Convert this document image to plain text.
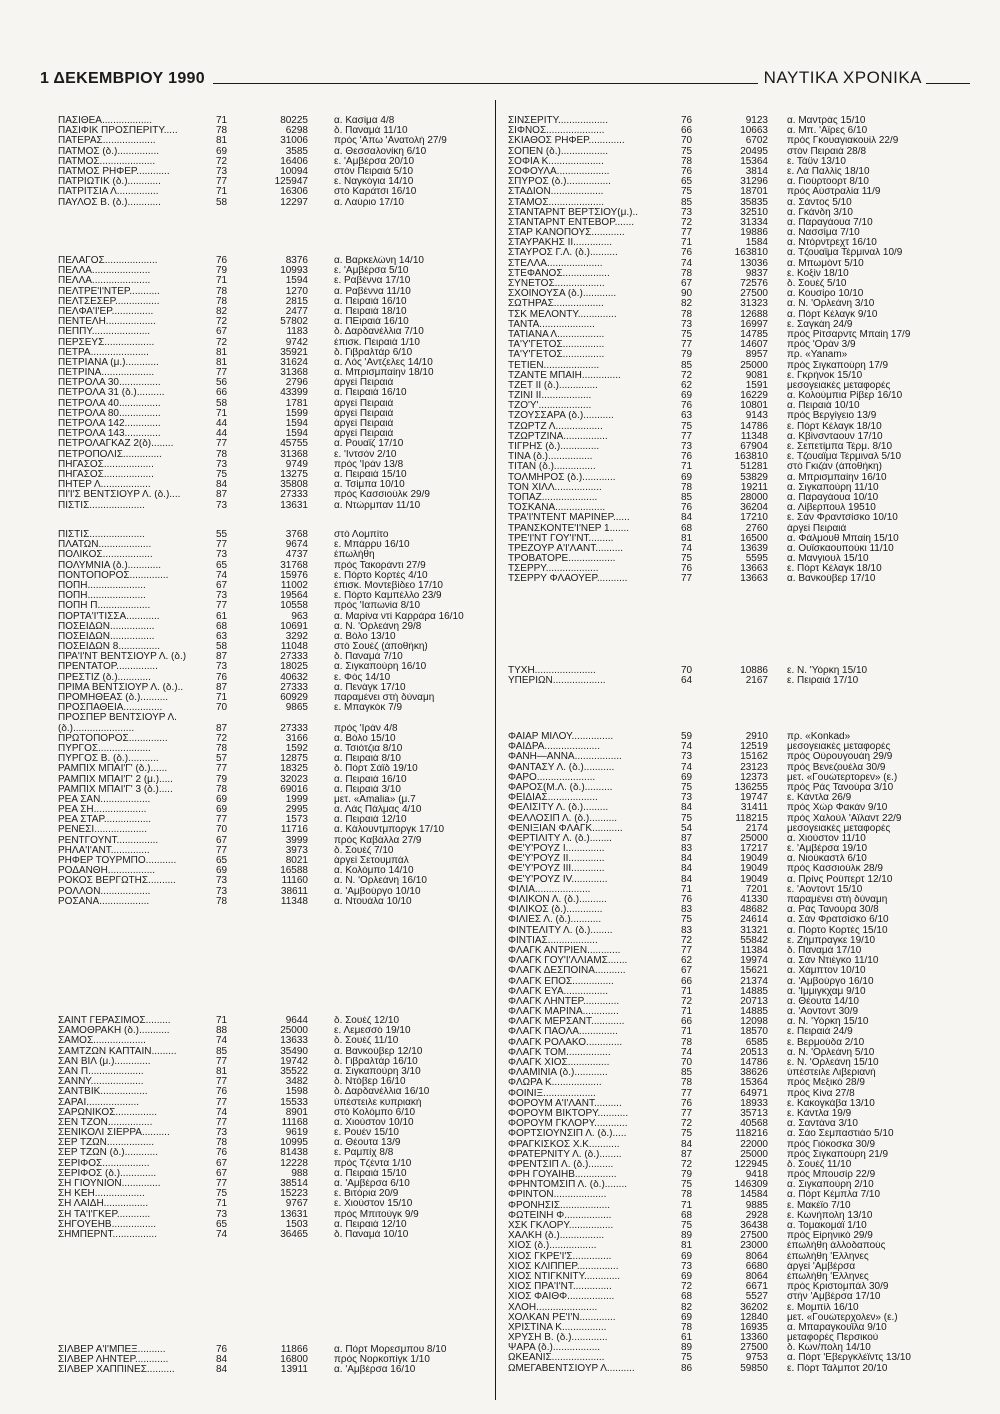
1 ΔΕΚΕΜΒΡΙΟΥ 1990	ΝΑΥΤΙΚΑ ΧΡΟΝΙΚΑ
ΠΑΣΙΘΕΑ..................	71	80225	α. Κασίμα 4/8
ΠΑΣΙΦΙΚ ΠΡΟΣΠΕΡΙΤΥ.....	78	6298	δ. Παναμά 11/10
ΠΑΤΕΡΑΣ...................	81	31006	πρός 'Απω 'Ανατολή 27/9
ΠΑΤΜΟΣ (δ.)...............	69	3585	α. Θεσσαλονίκη 6/10
ΠΑΤΜΟΣ....................	72	16406	ε. 'Αμβέρσα 20/10
ΠΑΤΜΟΣ ΡΗΦΕΡ............	73	10094	στόν Πειραιά 5/10
ΠΑΤΡΙΩΤΙΚ (δ.)............	77	125947	ε. Ναγκόγια 14/10
ΠΑΤΡΙΤΣΙΑ Λ...............	71	16306	στό Καράτσι 16/10
ΠΑΥΛΟΣ Β. (δ.)............	58	12297	α. Λαύριο 17/10
ΠΕΛΑΓΟΣ...................	76	8376	α. Βαρκελώνη 14/10
ΠΕΛΛΑ.....................	79	10993	ε. 'Αμβέρσα 5/10
ΠΕΛΛΑ.....................	71	1594	ε. Ραβέννα 17/10
ΠΕΛΤΡΕ'Ι'ΝΤΕΡ...........	78	1270	α. Ραβέννα 11/10
ΠΕΛΤΣΕΣΕΡ................	78	2815	α. Πειραιά 16/10
ΠΕΛΦΑ'Ι'ΕΡ...............	82	2477	α. Πειραιά 18/10
ΠΕΝΤΕΛΗ..................	72	57802	α. ΠΕιραιά 16/10
ΠΕΠΠΥ.....................	67	1183	δ. Δαρδανέλλια 7/10
ΠΕΡΣΕΥΣ..................	72	9742	έπισκ. Πειραιά 1/10
ΠΕΤΡΑ.....................	81	35921	δ. Γιβραλτάρ 6/10
ΠΕΤΡΙΑΝΑ (μ.)............	81	31624	α. Λός 'Αντζελες 14/10
ΠΕΤΡΙΝΑ...................	77	31368	α. Μπρισμπαίην 18/10
ΠΕΤΡΟΛΑ 30...............	56	2796	άργεί Πειραιά
ΠΕΤΡΟΛΑ 31 (δ.)..........	66	43399	α. Πειραιά 16/10
ΠΕΤΡΟΛΑ 40...............	58	1781	άργεί Πειραιά
ΠΕΤΡΟΛΑ 80...............	71	1599	άργεί Πειραιά
ΠΕΤΡΟΛΑ 142.............	44	1594	άργεί Πειραιά
ΠΕΤΡΟΛΑ 143.............	44	1594	άργεί Πειραιά
ΠΕΤΡΟΛΑΓΚΑΖ 2(δ)........	77	45755	α. Ρουαϊζ 17/10
ΠΕΤΡΟΠΟΛΙΣ..............	78	31368	ε. 'Ιντσόν 2/10
ΠΗΓΑΣΟΣ..................	73	9749	πρός 'Ιράν 13/8
ΠΗΓΑΣΟΣ..................	75	13275	α. Πειραιά 15/10
ΠΗΤΕΡ Λ..................	84	35808	α. Τσίμπα 10/10
ΠΙ'Ι'Σ ΒΕΝΤΣΙΟΥΡ Λ. (δ.)....	87	27333	πρός Κασσιούλκ 29/9
ΠΙΣΤΙΣ....................	73	13631	α. Ντώρμπαν 11/10
ΠΙΣΤΙΣ....................	55	3768	στό Λομπίτο
ΠΛΑΤΩΝ...................	77	9674	ε. Μπάρρυ 16/10
ΠΟΛΙΚΟΣ..................	73	4737	έπωλήθη
ΠΟΛΥΜΝΙΑ (δ.)............	65	31768	πρός Τακοράντι 27/9
ΠΟΝΤΟΠΟΡΟΣ..............	74	15976	ε. Πόρτο Κορτές 4/10
ΠΟΠΗ.....................	67	11002	έπισκ. Μοντεβίδεο 17/10
ΠΟΠΗ.....................	73	19564	ε. Πόρτο Καμπέλλο 23/9
ΠΟΠΗ Π...................	77	10558	πρός 'Ιαπωνία 8/10
ΠΟΡΤΑ'Ι'ΤΙΣΣΑ............	61	963	α. Μαρίνα ντί Καρράρα 16/10
ΠΟΣΕΙΔΩΝ................	68	10691	α. Ν. 'Ορλεάνη 29/8
ΠΟΣΕΙΔΩΝ................	63	3292	α. Βόλο 13/10
ΠΟΣΕΙΔΩΝ 8...............	58	11048	στό Σουέζ (άποθήκη)
ΠΡΑ'Ι'ΝΤ ΒΕΝΤΣΙΟΥΡ Λ. (δ.)	87	27333	δ. Παναμά 7/10
ΠΡΕΝΤΑΤΟΡ...............	73	18025	α. Σιγκαπούρη 16/10
ΠΡΕΣΤΙΖ (δ.)............	76	40632	ε. Φός 14/10
ΠΡΙΜΑ ΒΕΝΤΣΙΟΥΡ Λ. (δ.)..	87	27333	α. Πενάγκ 17/10
ΠΡΟΜΗΘΕΑΣ (δ.)..........	71	60929	παραμένει στή δύναμη
ΠΡΟΣΠΑΘΕΙΑ..............	70	9865	ε. Μπαγκόκ 7/9
ΠΡΟΣΠΕΡ ΒΕΝΤΣΙΟΥΡ Λ.
(δ.)......................	87	27333	πρός 'Ιράν 4/8
ΠΡΩΤΟΠΟΡΟΣ..............	72	3166	α. Βόλο 15/10
ΠΥΡΓΟΣ...................	78	1592	α. Τσιότζια 8/10
ΠΥΡΓΟΣ Β. (δ.)...........	57	12875	α. Πειραιά 8/10
ΡΑΜΠΙΧ ΜΠΑΙ'Γ' (δ.)......	77	18325	δ. Πόρτ Σάϊδ 19/10
ΡΑΜΠΙΧ ΜΠΑΙ'Γ' 2 (μ.).....	79	32023	α. Πειραιά 16/10
ΡΑΜΠΙΧ ΜΠΑΙ'Γ' 3 (δ.).....	78	69016	α. Πειραιά 3/10
ΡΕΑ ΣΑΝ..................	69	1999	μετ. «Amalia» (μ.7
ΡΕΑ ΣΗ...................	69	2995	α. Λάς Πάλμας 4/10
ΡΕΑ ΣΤΑΡ.................	77	1573	α. Πειραιά 12/10
ΡΕΝΕΣΙ...................	70	11716	α. Κάλουντμποργκ 17/10
ΡΕΝΤΓΟΥΝΤ...............	67	3999	πρός Καβάλλα 27/9
ΡΗΛΑ'Ι'ΑΝΤ..............	77	3973	δ. Σουέζ 7/10
ΡΗΦΕΡ ΤΟΥΡΜΠΟ...........	65	8021	άργεί Σετουμπάλ
ΡΟΔΑΝΘΗ.................	69	16588	α. Κολόμπο 14/10
ΡΟΚΟΣ ΒΕΡΓΩΤΗΣ..........	73	11160	α. Ν. 'Ορλεάνη 16/10
ΡΟΛΛΟΝ..................	73	38611	α. 'Αμβούργο 10/10
ΡΟΣΑΝΑ..................	78	11348	α. Ντουάλα 10/10
ΣΑΙΝΤ ΓΕΡΑΣΙΜΟΣ.........	71	9644	δ. Σουέζ 12/10
ΣΑΜΟΘΡΑΚΗ (δ.)...........	88	25000	ε. Λεμεσσό 19/10
ΣΑΜΟΣ...................	74	13633	δ. Σουέζ 11/10
ΣΑΜΤΖΩΝ ΚΑΠΤΑΙΝ.........	85	35490	α. Βανκούβερ 12/10
ΣΑΝ ΒΙΛ (μ.).............	77	19742	δ. Γιβραλτάρ 16/10
ΣΑΝ Π....................	81	35522	α. Σιγκαπούρη 3/10
ΣΑΝΝΥ...................	77	3482	δ. Ντόβερ 16/10
ΣΑΝΤΒΙΚ.................	76	1598	δ. Δαρδανέλλια 16/10
ΣΑΡΑΙ...................	77	15533	ύπέστειλε κυπριακή
ΣΑΡΩΝΙΚΟΣ...............	74	8901	στό Κολόμπο 6/10
ΣΕΝ ΤΖΟΝ................	77	11168	α. Χιούστον 10/10
ΣΕΝΙΚΟΛΙ ΣΙΕΡΡΑ..........	73	9619	ε. Ρουέν 15/10
ΣΕΡ ΤΖΩΝ.................	78	10995	α. Θέουτα 13/9
ΣΕΡ ΤΖΩΝ (δ.)............	76	81438	ε. Ραμπίχ 8/8
ΣΕΡΙΦΟΣ.................	67	12228	πρός Τζέντα 1/10
ΣΕΡΙΦΟΣ (δ.).............	67	988	α. Πειραιά 15/10
ΣΗ ΓΙΟΥΝΙΟΝ..............	77	38514	α. 'Αμβέρσα 6/10
ΣΗ ΚΕΗ..................	75	15223	ε. Βιτόρια 20/9
ΣΗ ΛΑΙΔΗ................	71	9767	ε. Χιούστον 15/10
ΣΗ ΤΑ'Ι'ΓΚΕΡ............	73	13631	πρός Μπιτούγκ 9/9
ΣΗΓΟΥΕΗΒ................	65	1503	α. Πειραιά 12/10
ΣΗΜΠΕΡΝΤ................	74	36465	δ. Παναμά 10/10
ΣΙΛΒΕΡ Α'Ι'ΜΠΕΞ..........	76	11866	α. Πόρτ Μορεσμπου 8/10
ΣΙΛΒΕΡ ΛΗΝΤΕΡ............	84	16800	πρός Νορκοπίγκ 1/10
ΣΙΛΒΕΡ ΧΑΠΠΙΝΕΣ..........	84	13911	α. 'Αμβέρσα 16/10
ΣΙΝΣΕΡΙΤΥ..................	76	9123 α. Μαντράς 15/10
ΣΙΦΝΟΣ.....................	66	10663 α. Μπ. 'Αϊρες 6/10
ΣΚΙΑΘΟΣ ΡΗΦΕΡ.............	70	6702 πρός Γκουαγιακουίλ 22/9
ΣΟΠΕΝ (δ.).................	75	20495 στόν Πειραιά 28/8
ΣΟΦΙΑ Κ....................	78	15364 ε. Τάϋν 13/10
ΣΟΦΟΥΛΑ...................	76	3814 ε. Λά Παλλίς 18/10
ΣΠΥΡΟΣ (δ.)................	65	31296 α. Γιούρτοορτ 8/10
ΣΤΑΔΙΟΝ...................	75	18701 πρός Αύστραλία 11/9
ΣΤΑΜΟΣ....................	85	35835 α. Σάντος 5/10
ΣΤΑΝΤΑΡΝΤ ΒΕΡΤΣΙΟΥ(μ.)..	73	32510 α. Γκάνδη 3/10
ΣΤΑΝΤΑΡΝΤ ΕΝΤΕΒΟΡ.......	72	31334 α. Παραγάουα 7/10
ΣΤΑΡ ΚΑΝΟΠΟΥΣ............	77	19886 α. Νασσίμα 7/10
ΣΤΑΥΡΑΚΗΣ ΙΙ..............	71	1584 α. Ντόρντρεχτ 16/10
ΣΤΑΥΡΟΣ Γ.Λ. (δ.)..........	76	163810 α. Τζουαϊμα Τέρμιναλ 10/9
ΣΤΕΛΛΑ....................	74	13036 α. Μπωμόντ 5/10
ΣΤΕΦΑΝΟΣ.................	78	9837 ε. Κοξίν 18/10
ΣΥΝΕΤΟΣ..................	67	72576 δ. Σουέζ 5/10
ΣΧΟΙΝΟΥΣΑ (δ.)............	90	27500 α. Κουσίρο 10/10
ΣΩΤΗΡΑΣ..................	82	31323 α. Ν. 'Ορλεάνη 3/10
ΤΣΚ ΜΕΛΟΝΤΥ..............	78	12688 α. Πόρτ Κέλαγκ 9/10
ΤΑΝΤΑ....................	73	16997 ε. Σαγκάη 24/9
ΤΑΤΙΑΝΑ Λ.................	75	14785 πρός Ρίτσαρντς Μπαίη 17/9
ΤΑ'Υ'ΓΕΤΟΣ...............	77	14607 πρός 'Οράν 3/9
ΤΑ'Υ'ΓΕΤΟΣ...............	79	8957 πρ. «Yanam»
ΤΕΤΙΕΝ....................	85	25000 πρός Σιγκαπούρη 17/9
ΤΖΑΝΤΕ ΜΠΑΙΗ..............	72	9081 ε. Γκρήνοκ 15/10
ΤΖΕΤ ΙΙ (δ.)..............	62	1591 μεσογειακές μεταφορές
ΤΖΙΝΙ ΙΙ..................	69	16229 α. Κολούμπια Ρίβερ 16/10
ΤΖΟ'Υ'...................	76	10801 α. Πειραιά 10/10
ΤΖΟΥΣΣΑΡΑ (δ.)...........	63	9143 πρός Βεργίγειο 13/9
ΤΖΩΡΤΖ Λ.................	75	14786 ε. Πόρτ Κέλαγκ 18/10
ΤΖΩΡΤΖΙΝΑ................	77	11348 α. Κβίνσνταουν 17/10
ΤΙΓΡΗΣ (δ.)..............	73	67904 ε. Σεπετίμπα Τέρμ. 8/10
ΤΙΝΑ (δ.)................	76	163810 ε. Τζουαϊμα Τέρμιναλ 5/10
ΤΙΤΑΝ (δ.)...............	71	51281 στό Γκιζάν (άποθήκη)
ΤΟΛΜΗΡΟΣ (δ.)............	69	53829 α. Μπρισμπαίην 16/10
ΤΟΝ ΧΙΛΛ.................	78	19211 α. Σιγκαπούρη 11/10
ΤΟΠΑΖ....................	85	28000 α. Παραγάουα 10/10
ΤΟΣΚΑΝΑ..................	76	36204 α. Λίβερπουλ 19510
ΤΡΑ'Ι'ΝΤΕΝΤ ΜΑΡΙΝΕΡ......	84	17210 ε. Σάν Φραντσίσκο 10/10
ΤΡΑΝΣΚΟΝΤΕ'Ι'ΝΕΡ 1.......	68	2760 άργεί Πειραιά
ΤΡΕ'Ι'ΝΤ ΓΟΥ'Ι'ΝΤ.........	81	16500 α. Φάλμουθ Μπαίη 15/10
ΤΡΕΖΟΥΡ Α'Ι'ΛΑΝΤ..........	74	13639 α. Ουϊσκαουπούκι 11/10
ΤΡΟΒΑΤΟΡΕ.................	75	5595 α. Μανγιουλ 15/10
ΤΣΕΡΡΥ...................	76	13663 ε. Πόρτ Κέλαγκ 18/10
ΤΣΕΡΡΥ ΦΛΑΟΥΕΡ...........	77	13663 α. Βανκούβερ 17/10
ΤΥΧΗ......................	70	10886 ε. Ν. 'Υόρκη 15/10
ΥΠΕΡΙΩΝ...................	64	2167 ε. Πειραιά 17/10
ΦΑΙΑΡ ΜΙΛΟΥ...............	59	2910 πρ. «Konkad»
ΦΑΙΔΡΑ....................	74	12519 μεσογειακές μεταφορές
ΦΑΝΗ—ΑΝΝΑ.................	73	15162 πρός Ούρουγουάη 29/9
ΦΑΝΤΑΣΥ Λ. (δ.)...........	74	23123 πρός Βενεζουέλα 30/9
ΦΑΡΟ.....................	69	12373 μετ. «Γουώτερτορεν» (ε.)
ΦΑΡΟΣ(Μ.Λ. (δ.)..........	75	136255 πρός Ράς Τανούρα 3/10
ΦΕΙΔΙΑΣ..................	73	19747 ε. Κάντλα 26/9
ΦΕΛΙΣΙΤΥ Λ. (δ.).........	84	31411 πρός Χώρ Φακάν 9/10
ΦΕΛΛΟΣΙΠ Λ. (δ.)..........	75	118215 πρός Χαλούλ 'Αϊλαντ 22/9
ΦΕΝΙΞΙΑΝ ΦΛΑΓΚ...........	54	2174 μεσογειακές μεταφορές
ΦΕΡΤΙΛΙΤΥ Λ. (δ.)........	87	25000 α. Χιούστον 11/10
ΦΕ'Υ'ΡΟΥΖ Ι..............	83	17217 ε. 'Αμβέρσα 19/10
ΦΕ'Υ'ΡΟΥΖ ΙΙ.............	84	19049 α. Νιούκαστλ 6/10
ΦΕ'Υ'ΡΟΥΖ ΙΙΙ............	84	19049 πρός Κασσιούλκ 28/9
ΦΕ'Υ'ΡΟΥΖ ΙV.............	84	19049 α. Πρίνς Ρούπερτ 12/10
ΦΙΛΙΑ....................	71	7201 ε. 'Αοντοντ 15/10
ΦΙΛΙΚΟΝ Λ. (δ.)..........	76	41330 παραμένει στή δύναμη
ΦΙΛΙΚΟΣ (δ.).............	83	48682 α. Ράς Τανούρα 30/8
ΦΙΛΙΕΣ Λ. (δ.)...........	75	24614 α. Σάν Φρατσίσκο 6/10
ΦΙΝΤΕΛΙΤΥ Λ. (δ.)........	83	31321 α. Πόρτο Κορτές 15/10
ΦΙΝΤΙΑΣ..................	72	55842 ε. Ζήμπραγκε 19/10
ΦΛΑΓΚ ΑΝΤΡΙΕΝ............	77	11384 δ. Παναμά 17/10
ΦΛΑΓΚ ΓΟΥ'Ι'ΛΛΙΑΜΣ.......	62	19974 α. Σάν Ντιέγκο 11/10
ΦΛΑΓΚ ΔΕΣΠΟΙΝΑ...........	67	15621 α. Χάμπτον 10/10
ΦΛΑΓΚ ΕΠΟΣ...............	66	21374 α. 'Αμβούργο 16/10
ΦΛΑΓΚ ΕΥΑ................	71	14885 α. 'Ιμμιγκχαμ 9/10
ΦΛΑΓΚ ΛΗΝΤΕΡ.............	72	20713 α. Θέουτα 14/10
ΦΛΑΓΚ ΜΑΡΙΝΑ.............	71	14885 α. 'Αοντοντ 30/9
ΦΛΑΓΚ ΜΕΡΣΑΝΤ............	66	12098 α. Ν. 'Υόρκη 15/10
ΦΛΑΓΚ ΠΑΟΛΑ..............	71	18570 ε. Πειραιά 24/9
ΦΛΑΓΚ ΡΟΛΑΚΟ.............	78	6585 ε. Βερμούδα 2/10
ΦΛΑΓΚ ΤΟΜ................	74	20513 α. Ν. 'Ορλεάνη 5/10
ΦΛΑΓΚ ΧΙΟΣ...............	70	14786 ε. Ν. 'Ορλεάνη 15/10
ΦΛΑΜΙΝΙΑ (δ.)............	85	38626 ύπέστειλε Λιβεριανή
ΦΛΩΡΑ Κ..................	78	15364 πρός Μεξικό 28/9
ΦΟΙΝΙΞ...................	77	64971 πρός Κίνα 27/8
ΦΟΡΟΥΜ Α'Ι'ΛΑΝΤ..........	76	18933 ε. Κακογκάβα 13/10
ΦΟΡΟΥΜ ΒΙΚΤΟΡΥ...........	77	35713 ε. Κάντλα 19/9
ΦΟΡΟΥΜ ΓΚΛΟΡΥ............	72	40568 α. Σαντάνα 3/10
ΦΟΡΤΣΙΟΥΝΣΙΠ Λ. (δ.).....	75	118216 α. Σάο Σεμπαστιάο 5/10
ΦΡΑΓΚΙΣΚΟΣ Χ.Κ...........	84	22000 πρός Γιόκοσκα 30/9
ΦΡΑΤΕΡΝΙΤΥ Λ. (δ.)........	87	25000 πρός Σιγκαπούρη 21/9
ΦΡΕΝΤΣΙΠ Λ. (δ.).........	72	122945 δ. Σουέζ 11/10
ΦΡΗ ΓΟΥΑΙΗΒ...............	79	9418 πρός Μπουσίρ 22/9
ΦΡΗΝΤΟΜΣΙΠ Λ. (δ.)........	75	146309 α. Σιγκαπούρη 2/10
ΦΡΙΝΤΟΝ...................	78	14584 α. Πόρτ Κέμπλα 7/10
ΦΡΟΝΗΣΙΣ..................	71	9885 ε. Μακέϊο 7/10
ΦΩΤΕΙΝΗ Φ.................	68	2928 ε. Κωνήπολη 13/10
ΧΣΚ ΓΚΛΟΡΥ................	75	36438 α. Τομακομάϊ 1/10
ΧΑΛΚΗ (δ.)................	89	27500 πρός Είρηνικό 29/9
ΧΙΟΣ (δ.).................	81	23000 έπωλήθη άλλοδαπούς
ΧΙΟΣ ΓΚΡΕ'Ι'Σ..............	69	8064 έπωλήθη 'Ελληνες
ΧΙΟΣ ΚΛΙΠΠΕΡ...............	73	6680 άργεί 'Αμβέρσα
ΧΙΟΣ ΝΤΙΓΚΝΙΤΥ.............	69	8064 έπωλήθη 'Ελληνες
ΧΙΟΣ ΠΡΑ'Ι'ΝΤ..............	72	6671 πρός Κριστομπάλ 30/9
ΧΙΟΣ ΦΑΙΘΦ.................	68	5527 στήν 'Αμβέρσα 17/10
ΧΛΟΗ......................	82	36202 ε. Μομπίλ 16/10
ΧΟΛΚΑΝ ΡΕ'Ι'Ν.............	69	12840 μετ. «Γουώτερχολεν» (ε.)
ΧΡΙΣΤΙΝΑ Κ................	78	16935 α. Μπαραγκουΐλα 9/10
ΧΡΥΣΗ Β. (δ.).............	61	13360 μεταφορές Περσικού
ΨΑΡΑ (δ.).................	89	27500 δ. Κων/πολη 14/10
ΩΚΕΑΝΙΣ...................	75	9753 α. Πόρτ 'Εβεργκλέϊντς 13/10
ΩΜΕΓΑΒΕΝΤΣΙΟΥΡ Λ..........	86	59850 ε. Πόρτ Τάλμποτ 20/10
